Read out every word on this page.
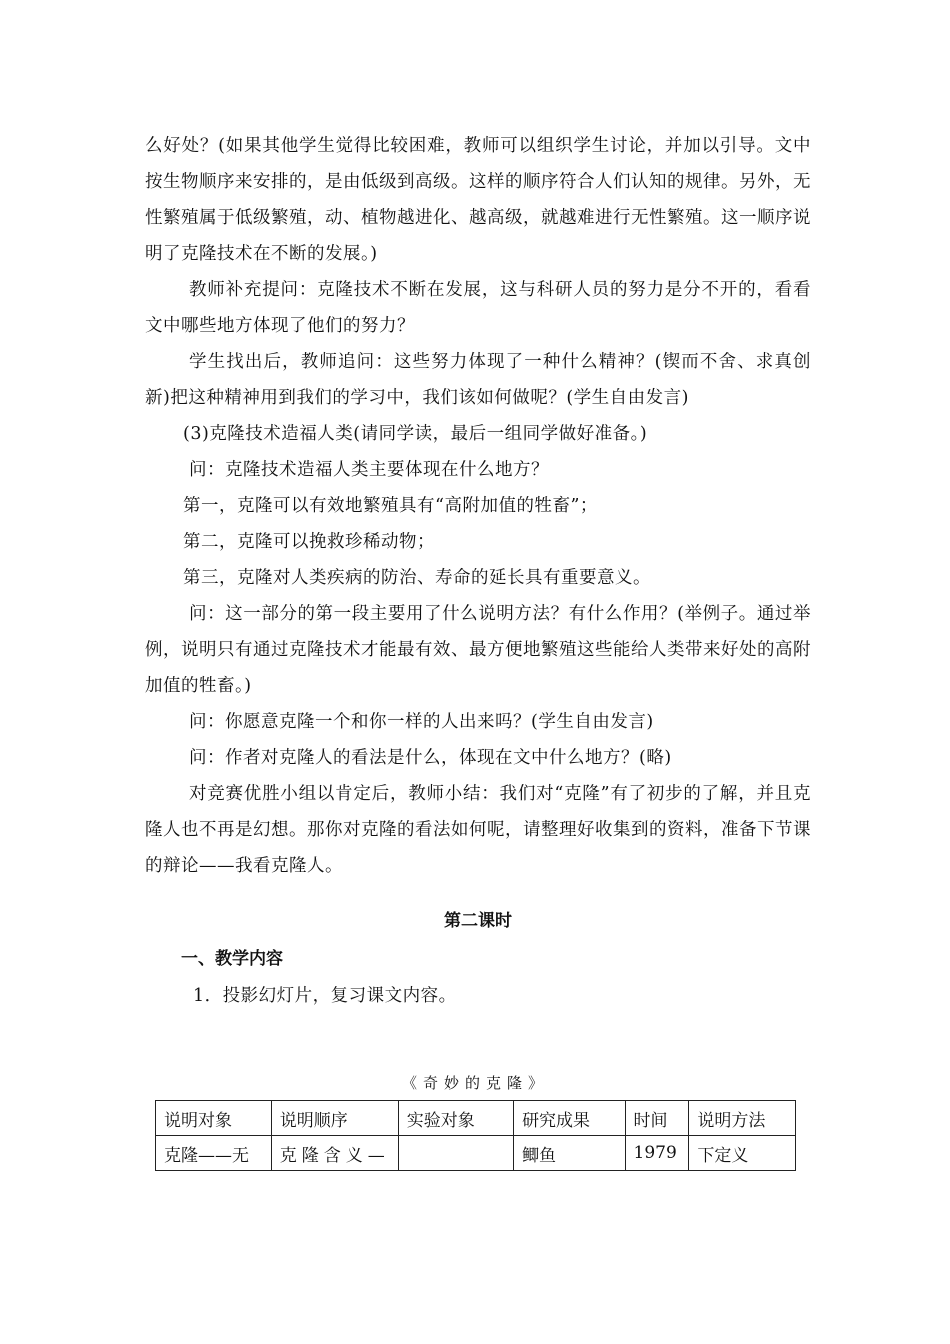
么好处？(如果其他学生觉得比较困难，教师可以组织学生讨论，并加以引导。文中按生物顺序来安排的，是由低级到高级。这样的顺序符合人们认知的规律。另外，无性繁殖属于低级繁殖，动、植物越进化、越高级，就越难进行无性繁殖。这一顺序说明了克隆技术在不断的发展。)

教师补充提问：克隆技术不断在发展，这与科研人员的努力是分不开的，看看文中哪些地方体现了他们的努力？

学生找出后，教师追问：这些努力体现了一种什么精神？(锲而不舍、求真创新)把这种精神用到我们的学习中，我们该如何做呢？(学生自由发言)

(3)克隆技术造福人类(请同学读，最后一组同学做好准备。)

问：克隆技术造福人类主要体现在什么地方？

第一，克隆可以有效地繁殖具有“高附加值的牲畜”；

第二，克隆可以挽救珍稀动物；

第三，克隆对人类疾病的防治、寿命的延长具有重要意义。

问：这一部分的第一段主要用了什么说明方法？有什么作用？(举例子。通过举例，说明只有通过克隆技术才能最有效、最方便地繁殖这些能给人类带来好处的高附加值的牲畜。)

问：你愿意克隆一个和你一样的人出来吗？(学生自由发言)

问：作者对克隆人的看法是什么，体现在文中什么地方？(略)

对竞赛优胜小组以肯定后，教师小结：我们对“克隆”有了初步的了解，并且克隆人也不再是幻想。那你对克隆的看法如何呢，请整理好收集到的资料，准备下节课的辩论——我看克隆人。

第二课时

一、教学内容

1．投影幻灯片，复习课文内容。

《奇妙的克隆》
说明对象	说明顺序	实验对象	研究成果	时间	说明方法
克隆——无	克隆含义—		鲫鱼	1979	下定义
